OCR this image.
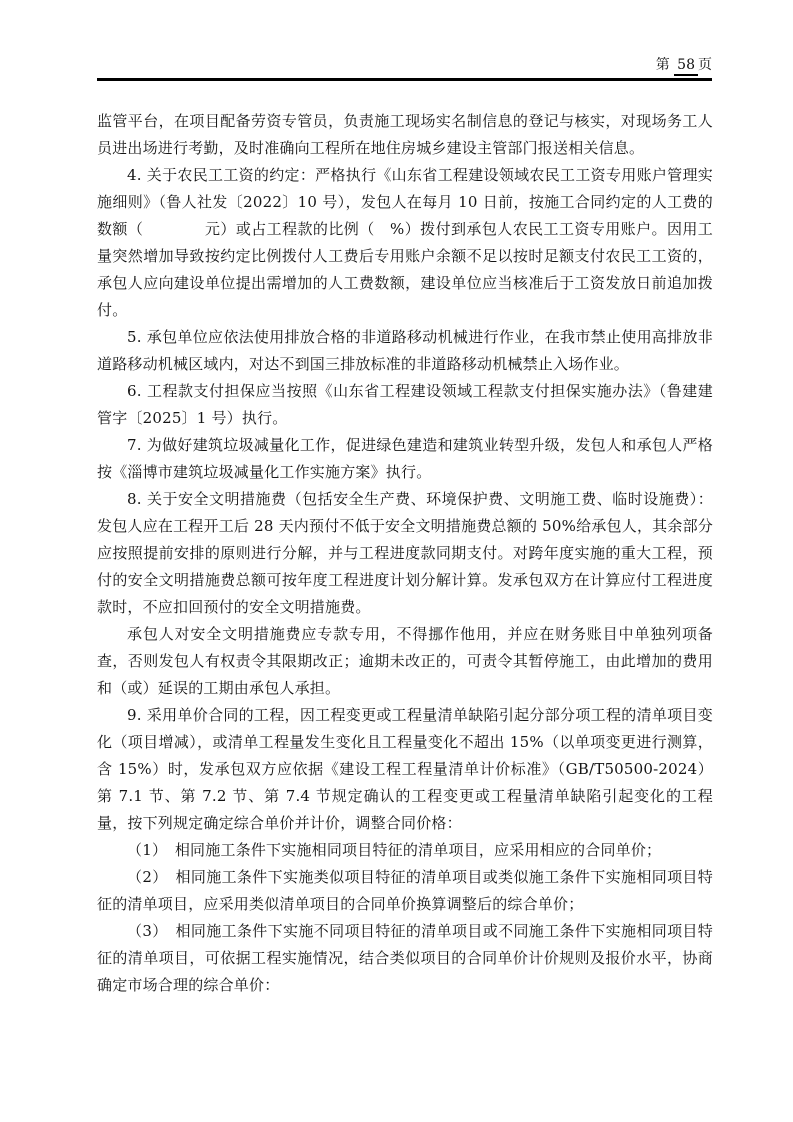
第 58 页

监管平台，在项目配备劳资专管员，负责施工现场实名制信息的登记与核实，对现场务工人员进出场进行考勤，及时准确向工程所在地住房城乡建设主管部门报送相关信息。

4. 关于农民工工资的约定：严格执行《山东省工程建设领域农民工工资专用账户管理实施细则》（鲁人社发〔2022〕10 号），发包人在每月 10 日前，按施工合同约定的人工费的数额（　　　　元）或占工程款的比例（　%）拨付到承包人农民工工资专用账户。因用工量突然增加导致按约定比例拨付人工费后专用账户余额不足以按时足额支付农民工工资的，承包人应向建设单位提出需增加的人工费数额，建设单位应当核准后于工资发放日前追加拨付。

5. 承包单位应依法使用排放合格的非道路移动机械进行作业，在我市禁止使用高排放非道路移动机械区域内，对达不到国三排放标准的非道路移动机械禁止入场作业。

6. 工程款支付担保应当按照《山东省工程建设领域工程款支付担保实施办法》（鲁建建管字〔2025〕1 号）执行。

7. 为做好建筑垃圾减量化工作，促进绿色建造和建筑业转型升级，发包人和承包人严格按《淄博市建筑垃圾减量化工作实施方案》执行。

8. 关于安全文明措施费（包括安全生产费、环境保护费、文明施工费、临时设施费）：发包人应在工程开工后 28 天内预付不低于安全文明措施费总额的 50%给承包人，其余部分应按照提前安排的原则进行分解，并与工程进度款同期支付。对跨年度实施的重大工程，预付的安全文明措施费总额可按年度工程进度计划分解计算。发承包双方在计算应付工程进度款时，不应扣回预付的安全文明措施费。

承包人对安全文明措施费应专款专用，不得挪作他用，并应在财务账目中单独列项备查，否则发包人有权责令其限期改正；逾期未改正的，可责令其暂停施工，由此增加的费用和（或）延误的工期由承包人承担。

9. 采用单价合同的工程，因工程变更或工程量清单缺陷引起分部分项工程的清单项目变化（项目增减），或清单工程量发生变化且工程量变化不超出 15%（以单项变更进行测算，含 15%）时，发承包双方应依据《建设工程工程量清单计价标准》（GB/T50500-2024）第 7.1 节、第 7.2 节、第 7.4 节规定确认的工程变更或工程量清单缺陷引起变化的工程量，按下列规定确定综合单价并计价，调整合同价格：

（1）　相同施工条件下实施相同项目特征的清单项目，应采用相应的合同单价；

（2）　相同施工条件下实施类似项目特征的清单项目或类似施工条件下实施相同项目特征的清单项目，应采用类似清单项目的合同单价换算调整后的综合单价；

（3）　相同施工条件下实施不同项目特征的清单项目或不同施工条件下实施相同项目特征的清单项目，可依据工程实施情况，结合类似项目的合同单价计价规则及报价水平，协商确定市场合理的综合单价：
